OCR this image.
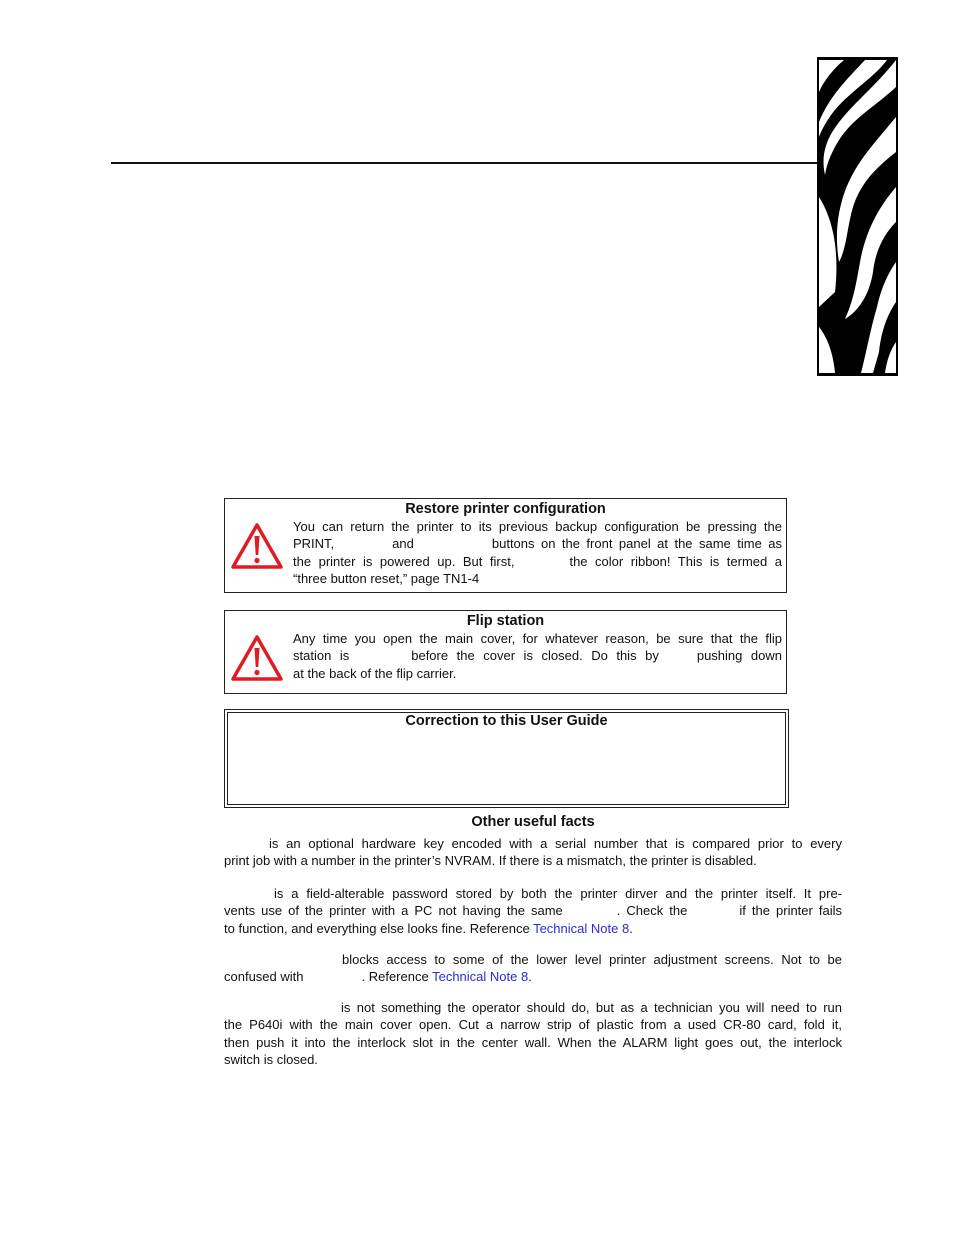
Restore printer configuration
You can return the printer to its previous backup configuration be pressing the
PRINT,	and	buttons on the front panel at the same time as
the printer is powered up. But first,	the color ribbon! This is termed a
“three button reset,” page TN1-4
Flip station
Any time you open the main cover, for whatever reason, be sure that the flip
station is	before the cover is closed. Do this by	pushing down
at the back of the flip carrier.
Correction to this User Guide
Other useful facts
is an optional hardware key encoded with a serial number that is compared prior to every
print job with a number in the printer’s NVRAM. If there is a mismatch, the printer is disabled.
is a field-alterable password stored by both the printer dirver and the printer itself. It pre-
vents use of the printer with a PC not having the same	. Check the	if the printer fails
to function, and everything else looks fine. Reference Technical Note 8.
blocks access to some of the lower level printer adjustment screens. Not to be
confused with	. Reference Technical Note 8.
is not something the operator should do, but as a technician you will need to run
the P640i with the main cover open. Cut a narrow strip of plastic from a used CR-80 card, fold it,
then push it into the interlock slot in the center wall. When the ALARM light goes out, the interlock
switch is closed.
